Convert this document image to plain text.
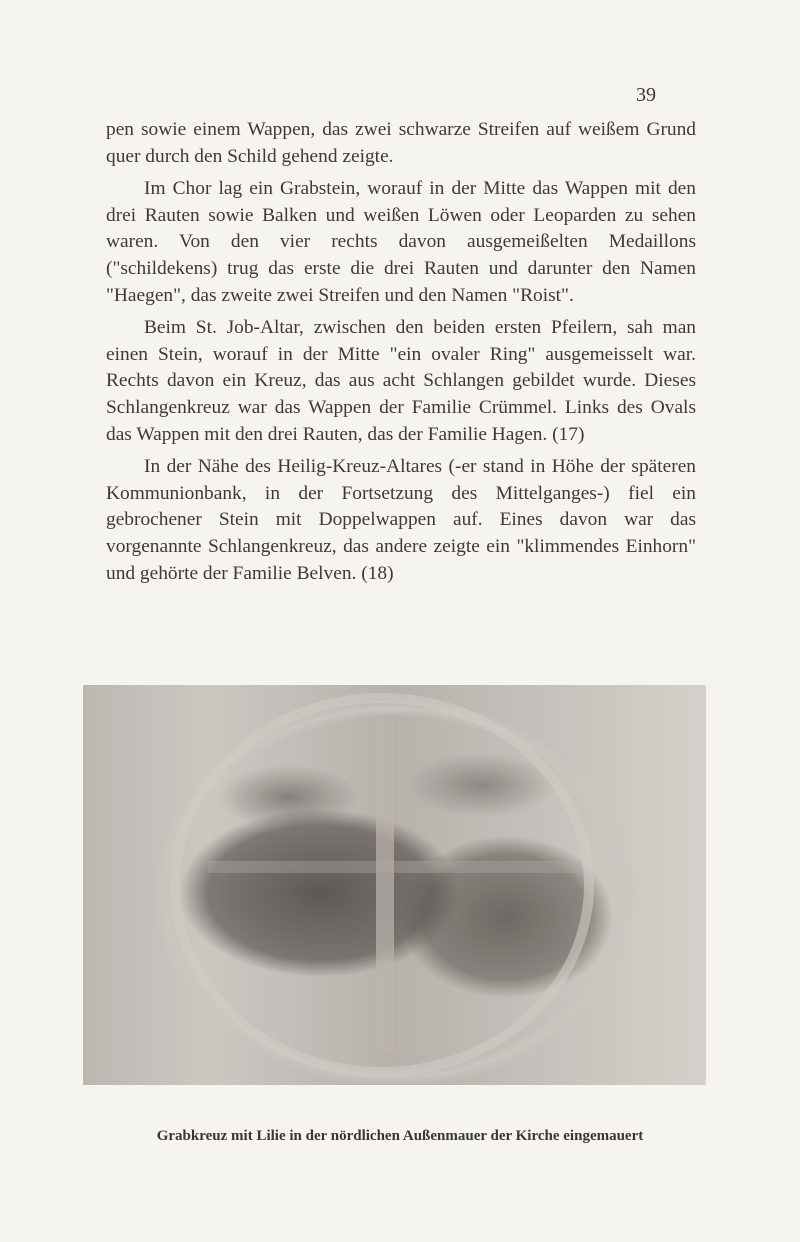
39

pen sowie einem Wappen, das zwei schwarze Streifen auf weißem Grund quer durch den Schild gehend zeigte.

Im Chor lag ein Grabstein, worauf in der Mitte das Wappen mit den drei Rauten sowie Balken und weißen Löwen oder Leoparden zu sehen waren. Von den vier rechts davon ausgemeißelten Medaillons ("schildekens) trug das erste die drei Rauten und darunter den Namen "Haegen", das zweite zwei Streifen und den Namen "Roist".

Beim St. Job-Altar, zwischen den beiden ersten Pfeilern, sah man einen Stein, worauf in der Mitte "ein ovaler Ring" ausgemeisselt war. Rechts davon ein Kreuz, das aus acht Schlangen gebildet wurde. Dieses Schlangenkreuz war das Wappen der Familie Crümmel. Links des Ovals das Wappen mit den drei Rauten, das der Familie Hagen. (17)

In der Nähe des Heilig-Kreuz-Altares (-er stand in Höhe der späteren Kommunionbank, in der Fortsetzung des Mittelganges-) fiel ein gebrochener Stein mit Doppelwappen auf. Eines davon war das vorgenannte Schlangenkreuz, das andere zeigte ein "klimmendes Einhorn" und gehörte der Familie Belven. (18)

Grabkreuz mit Lilie in der nördlichen Außenmauer der Kirche eingemauert
